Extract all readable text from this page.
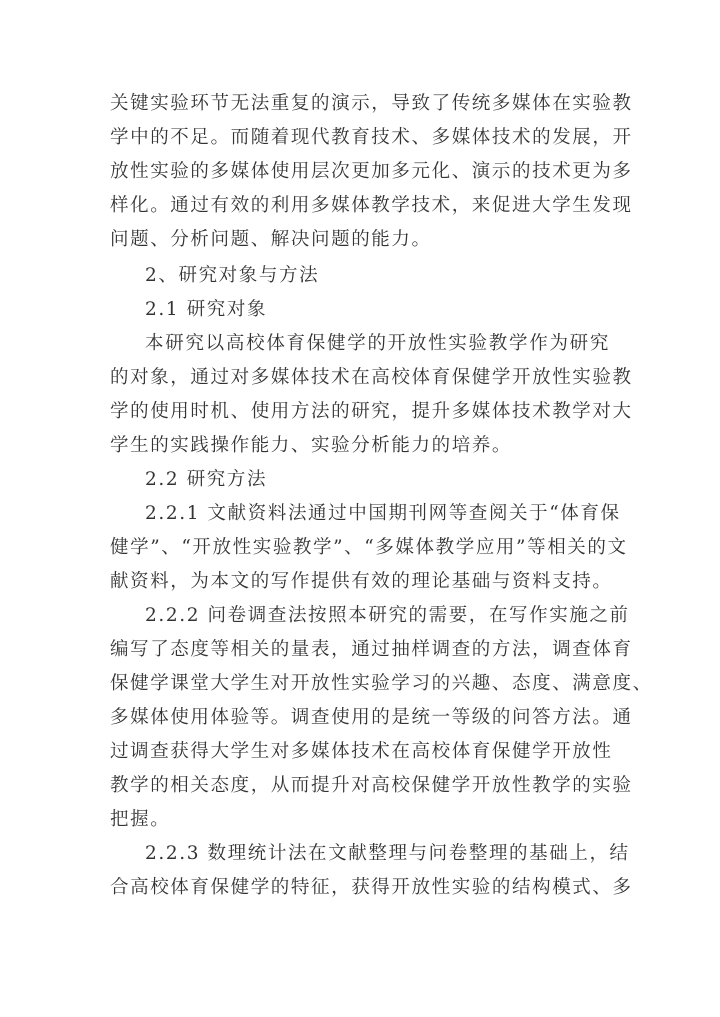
关键实验环节无法重复的演示，导致了传统多媒体在实验教
学中的不足。而随着现代教育技术、多媒体技术的发展，开
放性实验的多媒体使用层次更加多元化、演示的技术更为多
样化。通过有效的利用多媒体教学技术，来促进大学生发现
问题、分析问题、解决问题的能力。
2、研究对象与方法
2.1 研究对象
本研究以高校体育保健学的开放性实验教学作为研究
的对象，通过对多媒体技术在高校体育保健学开放性实验教
学的使用时机、使用方法的研究，提升多媒体技术教学对大
学生的实践操作能力、实验分析能力的培养。
2.2 研究方法
2.2.1 文献资料法通过中国期刊网等查阅关于“体育保
健学”、“开放性实验教学”、“多媒体教学应用”等相关的文
献资料，为本文的写作提供有效的理论基础与资料支持。
2.2.2 问卷调查法按照本研究的需要，在写作实施之前
编写了态度等相关的量表，通过抽样调查的方法，调查体育
保健学课堂大学生对开放性实验学习的兴趣、态度、满意度、
多媒体使用体验等。调查使用的是统一等级的问答方法。通
过调查获得大学生对多媒体技术在高校体育保健学开放性
教学的相关态度，从而提升对高校保健学开放性教学的实验
把握。
2.2.3 数理统计法在文献整理与问卷整理的基础上，结
合高校体育保健学的特征，获得开放性实验的结构模式、多
